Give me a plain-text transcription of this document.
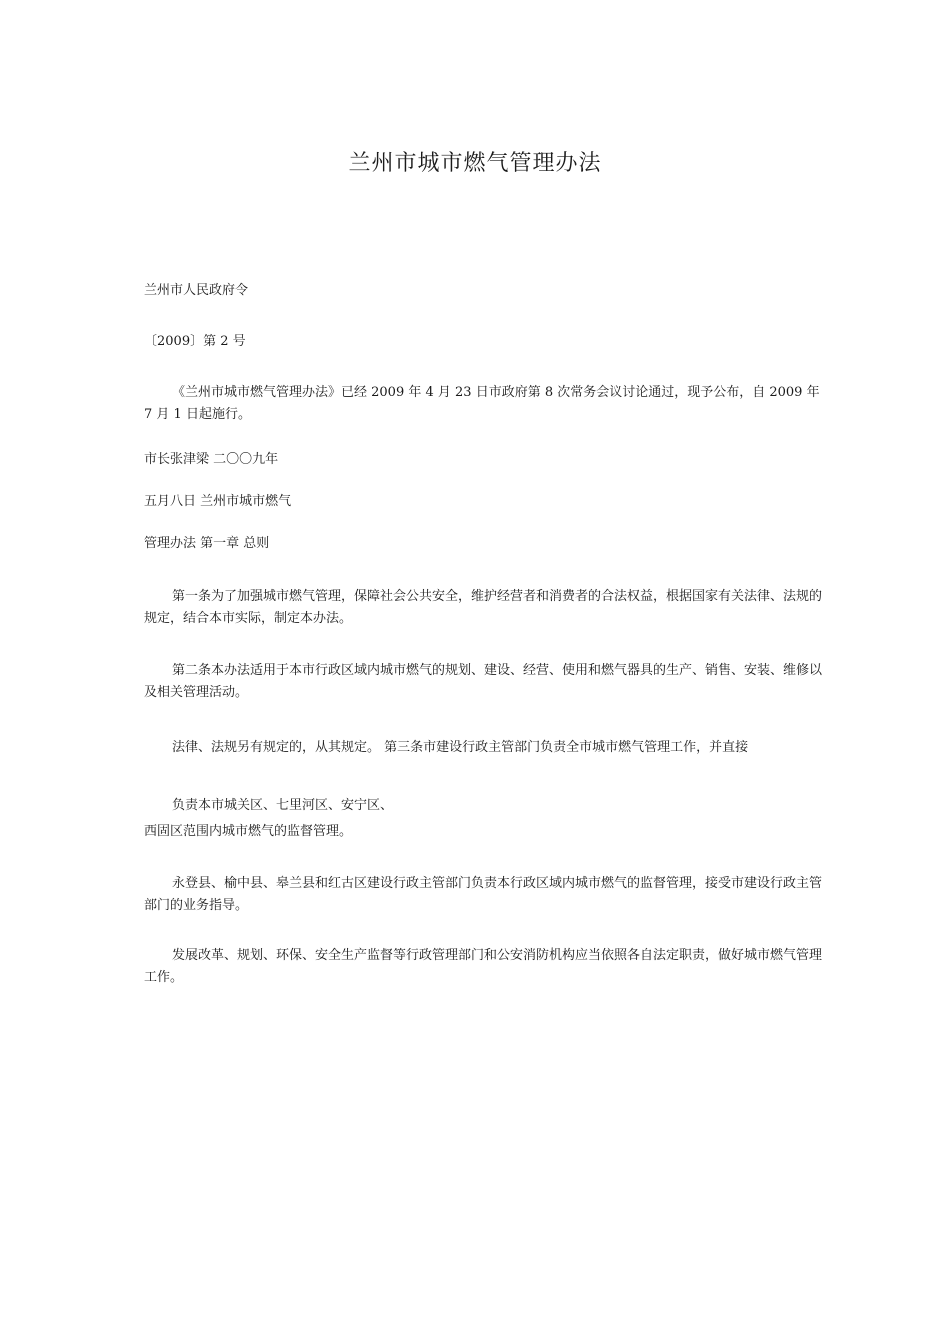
兰州市城市燃气管理办法
兰州市人民政府令
〔2009〕第 2 号
《兰州市城市燃气管理办法》已经 2009 年 4 月 23 日市政府第 8 次常务会议讨论通过，现予公布，自 2009 年 7 月 1 日起施行。
市长张津梁 二〇〇九年
五月八日 兰州市城市燃气
管理办法 第一章 总则
第一条为了加强城市燃气管理，保障社会公共安全，维护经营者和消费者的合法权益，根据国家有关法律、法规的规定，结合本市实际，制定本办法。
第二条本办法适用于本市行政区域内城市燃气的规划、建设、经营、使用和燃气器具的生产、销售、安装、维修以及相关管理活动。
法律、法规另有规定的，从其规定。 第三条市建设行政主管部门负责全市城市燃气管理工作，并直接
负责本市城关区、七里河区、安宁区、
西固区范围内城市燃气的监督管理。
永登县、榆中县、皋兰县和红古区建设行政主管部门负责本行政区域内城市燃气的监督管理，接受市建设行政主管部门的业务指导。
发展改革、规划、环保、安全生产监督等行政管理部门和公安消防机构应当依照各自法定职责，做好城市燃气管理工作。
